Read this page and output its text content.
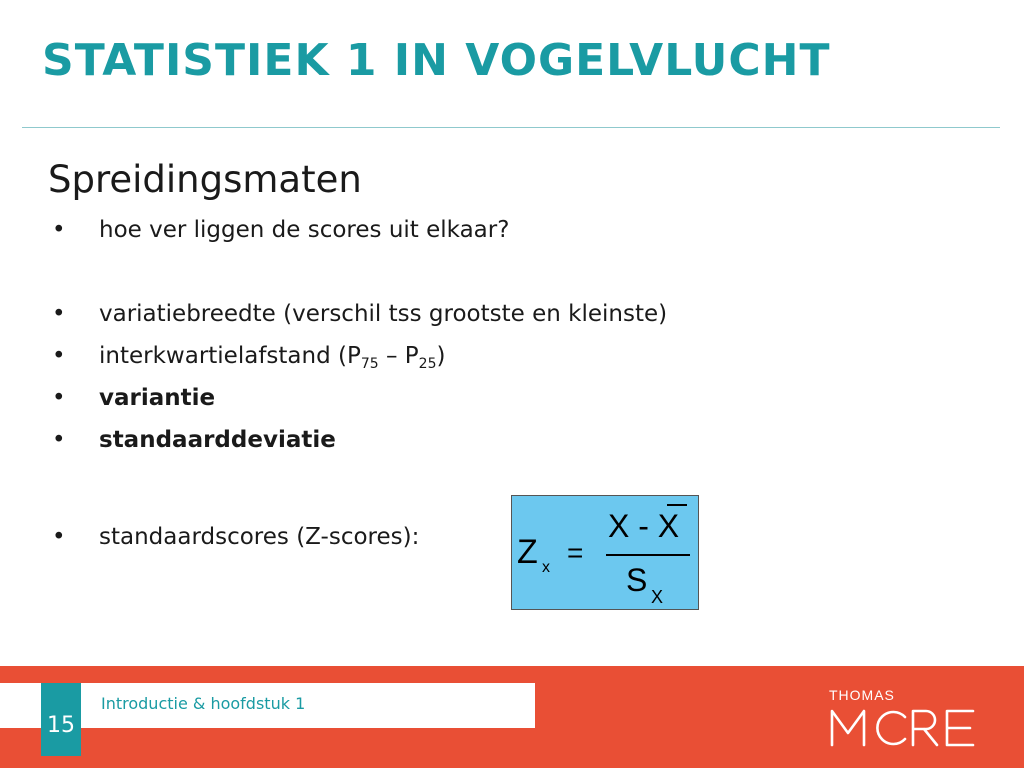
STATISTIEK 1 IN VOGELVLUCHT
Spreidingsmaten
• hoe ver liggen de scores uit elkaar?
• variatiebreedte (verschil tss grootste en kleinste)
• interkwartielafstand $(P_{75} - P_{25})$
• variantie
• standaarddeviatie
• standaardscores (Z-scores):	Z x =
X - X
S X
Introductie & hoofdstuk 1
15
THOMAS
